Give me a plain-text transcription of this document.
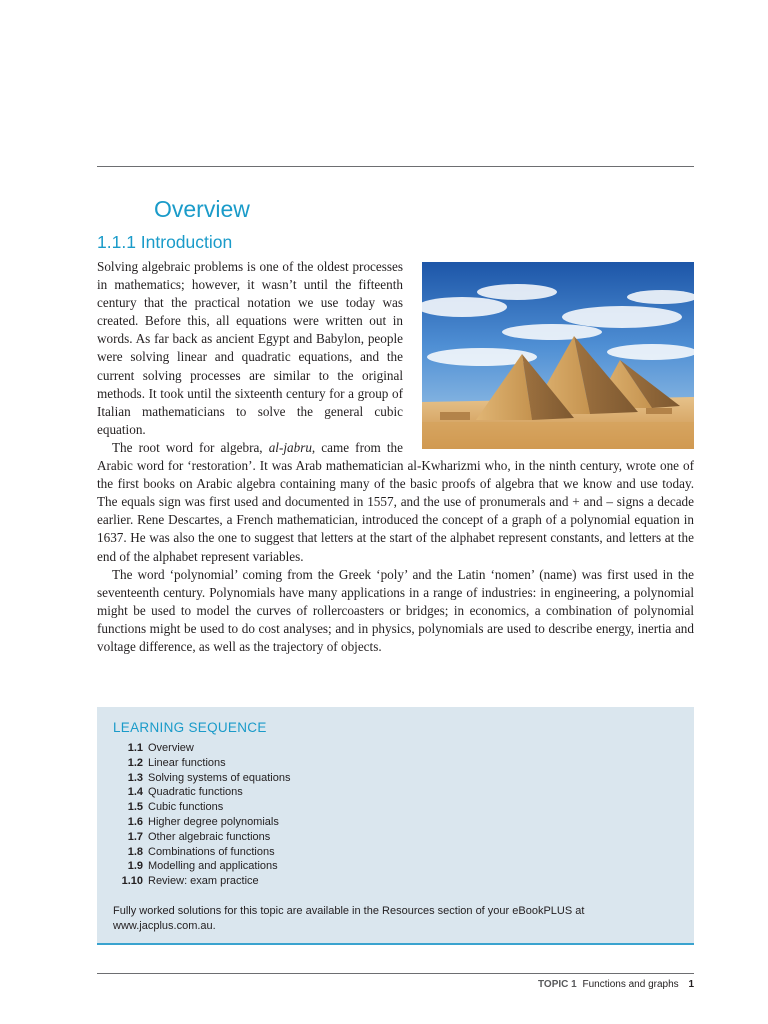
Overview
1.1.1 Introduction

Solving algebraic problems is one of the oldest processes in mathematics; however, it wasn’t until the fifteenth century that the practical notation we use today was created. Before this, all equations were written out in words. As far back as ancient Egypt and Babylon, people were solving linear and quadratic equations, and the current solving processes are similar to the original methods. It took until the sixteenth century for a group of Italian mathematicians to solve the general cubic equation.

The root word for algebra, al-jabru, came from the Arabic word for ‘restoration’. It was Arab mathematician al-Kwharizmi who, in the ninth century, wrote one of the first books on Arabic algebra containing many of the basic proofs of algebra that we know and use today. The equals sign was first used and documented in 1557, and the use of pronumerals and + and – signs a decade earlier. Rene Descartes, a French mathematician, introduced the concept of a graph of a polynomial equation in 1637. He was also the one to suggest that letters at the start of the alphabet represent constants, and letters at the end of the alphabet represent variables.

The word ‘polynomial’ coming from the Greek ‘poly’ and the Latin ‘nomen’ (name) was first used in the seventeenth century. Polynomials have many applications in a range of industries: in engineering, a polynomial might be used to model the curves of rollercoasters or bridges; in economics, a combination of polynomial functions might be used to do cost analyses; and in physics, polynomials are used to describe energy, inertia and voltage difference, as well as the trajectory of objects.

LEARNING SEQUENCE
1.1 Overview
1.2 Linear functions
1.3 Solving systems of equations
1.4 Quadratic functions
1.5 Cubic functions
1.6 Higher degree polynomials
1.7 Other algebraic functions
1.8 Combinations of functions
1.9 Modelling and applications
1.10 Review: exam practice
Fully worked solutions for this topic are available in the Resources section of your eBookPLUS at www.jacplus.com.au.
TOPIC 1 Functions and graphs 1
